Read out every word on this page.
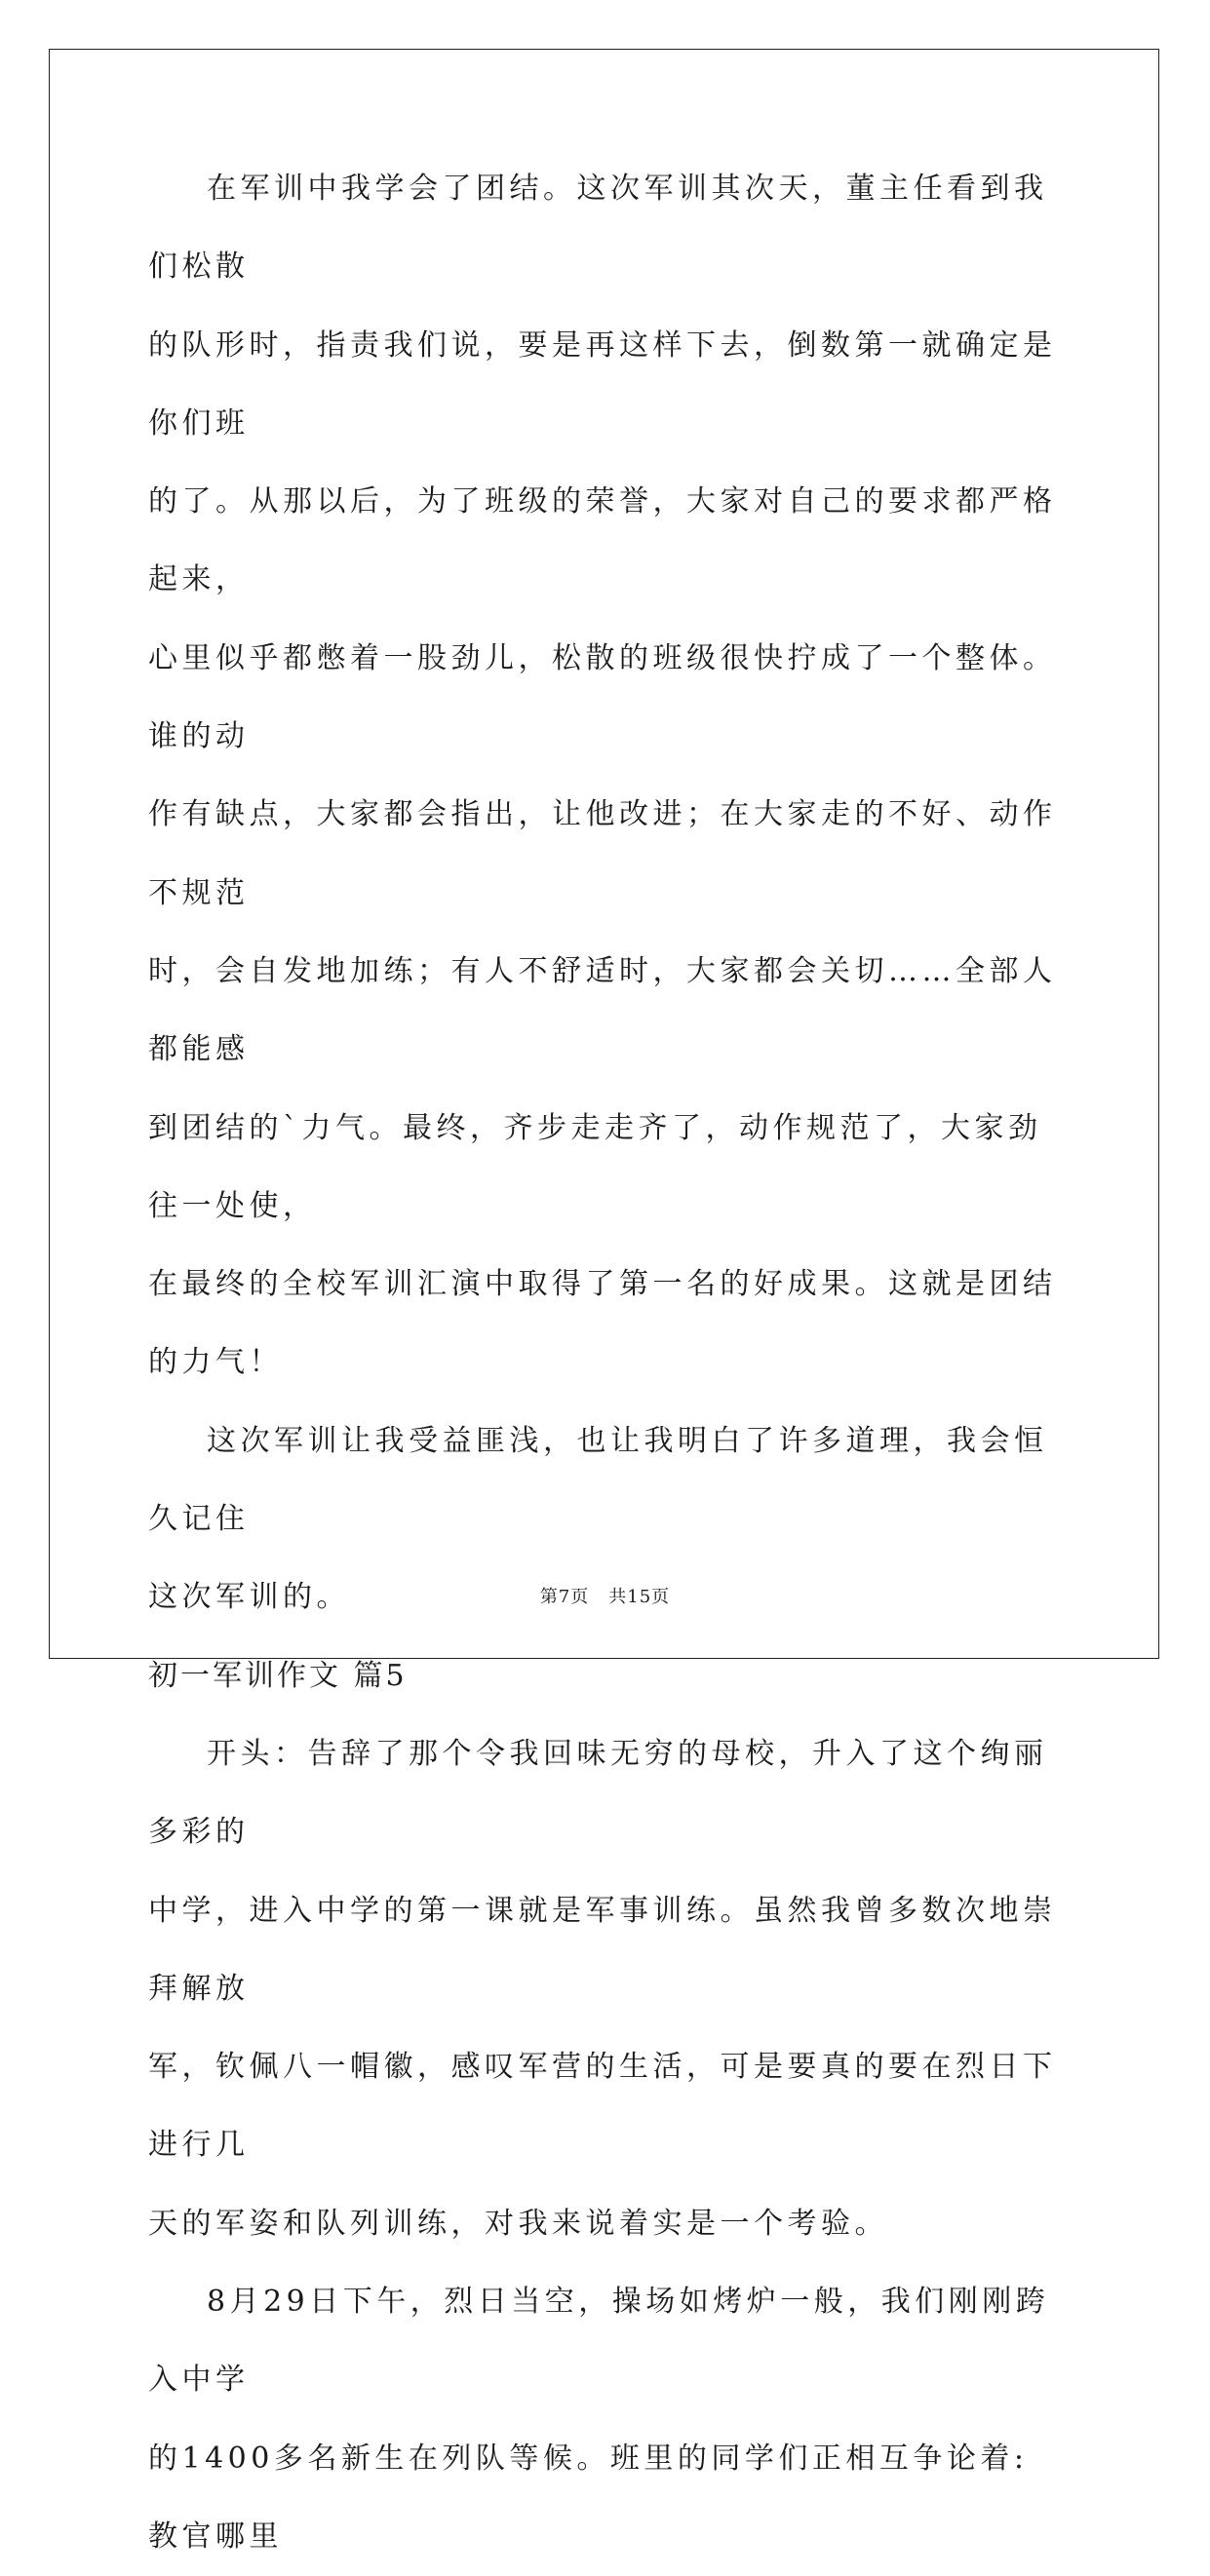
在军训中我学会了团结。这次军训其次天，董主任看到我们松散
的队形时，指责我们说，要是再这样下去，倒数第一就确定是你们班
的了。从那以后，为了班级的荣誉，大家对自己的要求都严格起来，
心里似乎都憋着一股劲儿，松散的班级很快拧成了一个整体。谁的动
作有缺点，大家都会指出，让他改进；在大家走的不好、动作不规范
时，会自发地加练；有人不舒适时，大家都会关切……全部人都能感
到团结的`力气。最终，齐步走走齐了，动作规范了，大家劲往一处使，
在最终的全校军训汇演中取得了第一名的好成果。这就是团结的力气！
这次军训让我受益匪浅，也让我明白了许多道理，我会恒久记住
这次军训的。
初一军训作文 篇5
开头：告辞了那个令我回味无穷的母校，升入了这个绚丽多彩的
中学，进入中学的第一课就是军事训练。虽然我曾多数次地崇拜解放
军，钦佩八一帽徽，感叹军营的生活，可是要真的要在烈日下进行几
天的军姿和队列训练，对我来说着实是一个考验。
8月29日下午，烈日当空，操场如烤炉一般，我们刚刚跨入中学
的1400多名新生在列队等候。班里的同学们正相互争论着: 教官哪里
第7页 共15页
